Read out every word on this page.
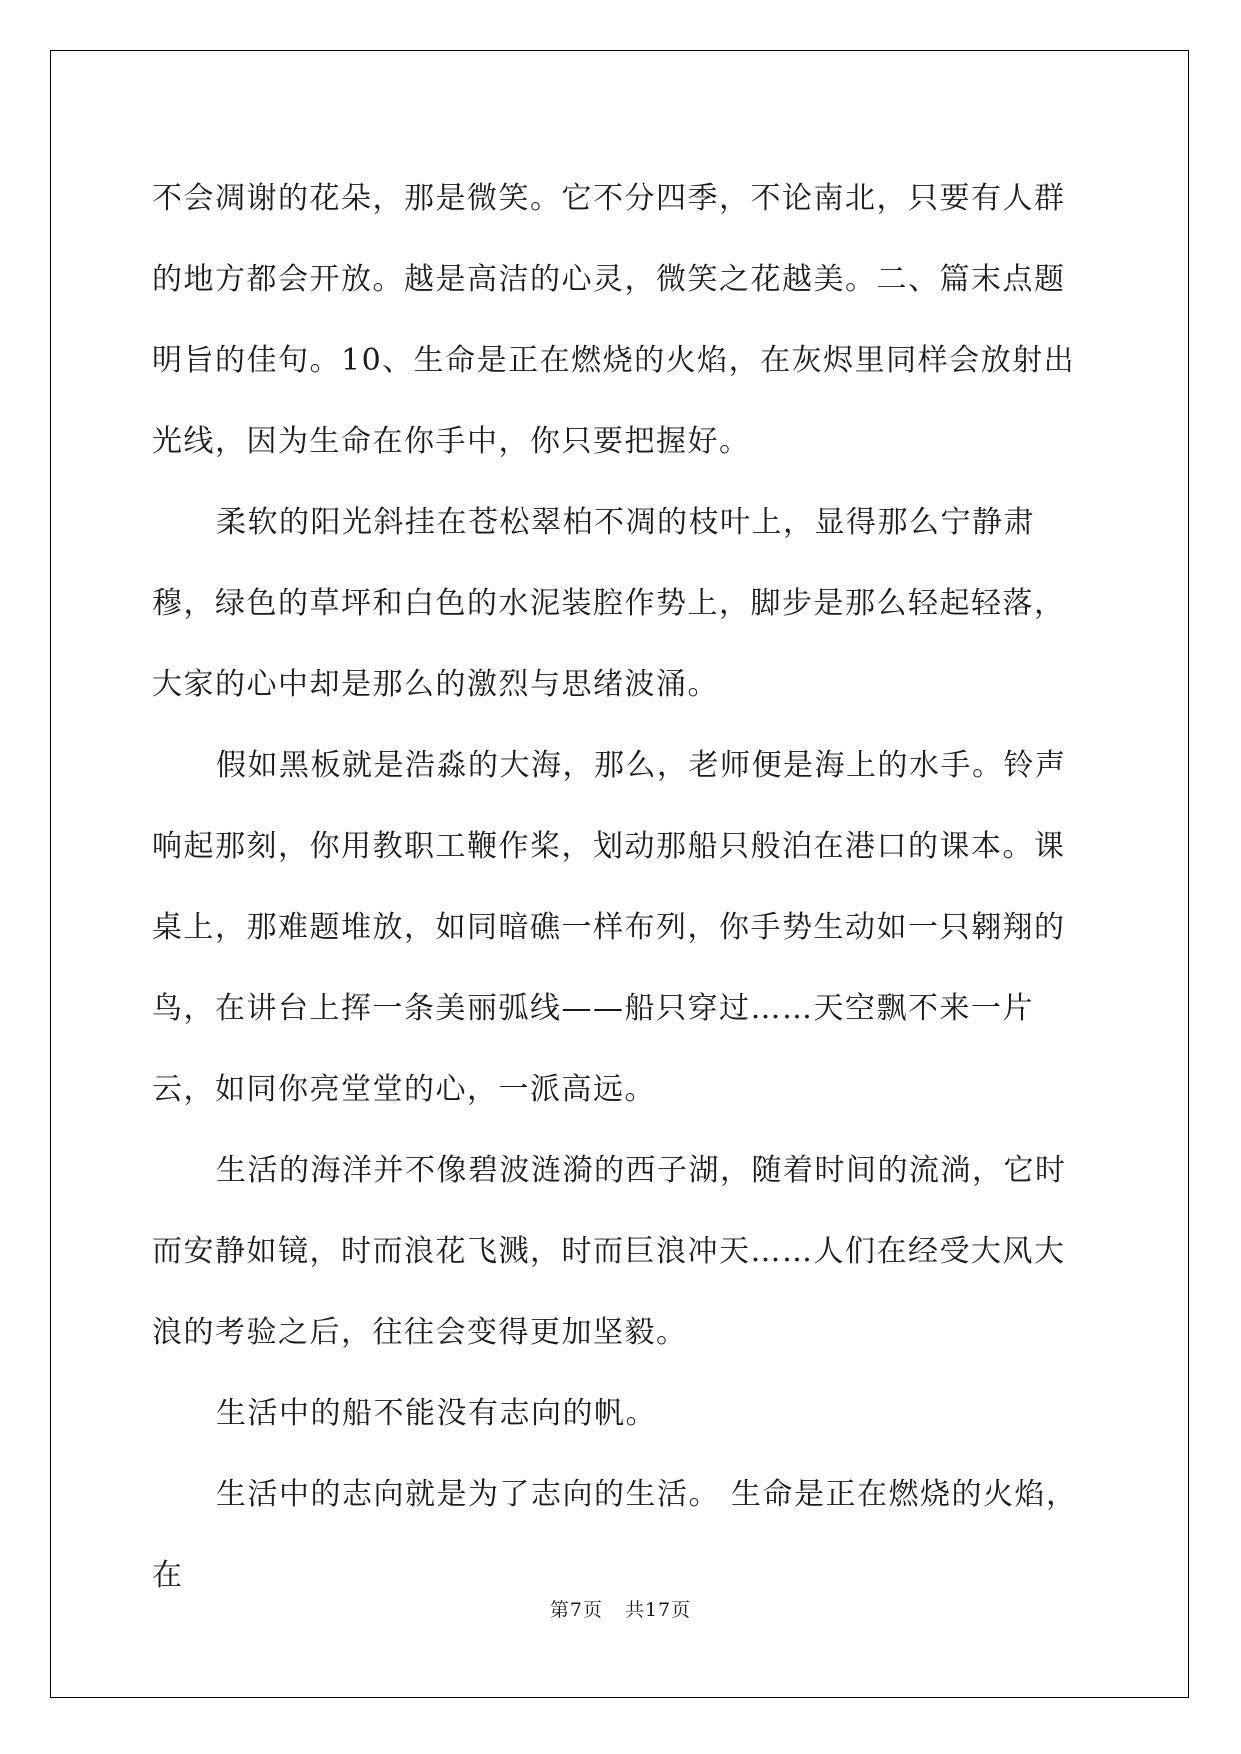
不会凋谢的花朵，那是微笑。它不分四季，不论南北，只要有人群的地方都会开放。越是高洁的心灵，微笑之花越美。二、篇末点题明旨的佳句。10、生命是正在燃烧的火焰，在灰烬里同样会放射出光线，因为生命在你手中，你只要把握好。

柔软的阳光斜挂在苍松翠柏不凋的枝叶上，显得那么宁静肃穆，绿色的草坪和白色的水泥装腔作势上，脚步是那么轻起轻落，大家的心中却是那么的激烈与思绪波涌。

假如黑板就是浩淼的大海，那么，老师便是海上的水手。铃声响起那刻，你用教职工鞭作桨，划动那船只般泊在港口的课本。课桌上，那难题堆放，如同暗礁一样布列，你手势生动如一只翱翔的鸟，在讲台上挥一条美丽弧线——船只穿过……天空飘不来一片云，如同你亮堂堂的心，一派高远。

生活的海洋并不像碧波涟漪的西子湖，随着时间的流淌，它时而安静如镜，时而浪花飞溅，时而巨浪冲天……人们在经受大风大浪的考验之后，往往会变得更加坚毅。

生活中的船不能没有志向的帆。

生活中的志向就是为了志向的生活。 生命是正在燃烧的火焰，在

第7页 共17页
